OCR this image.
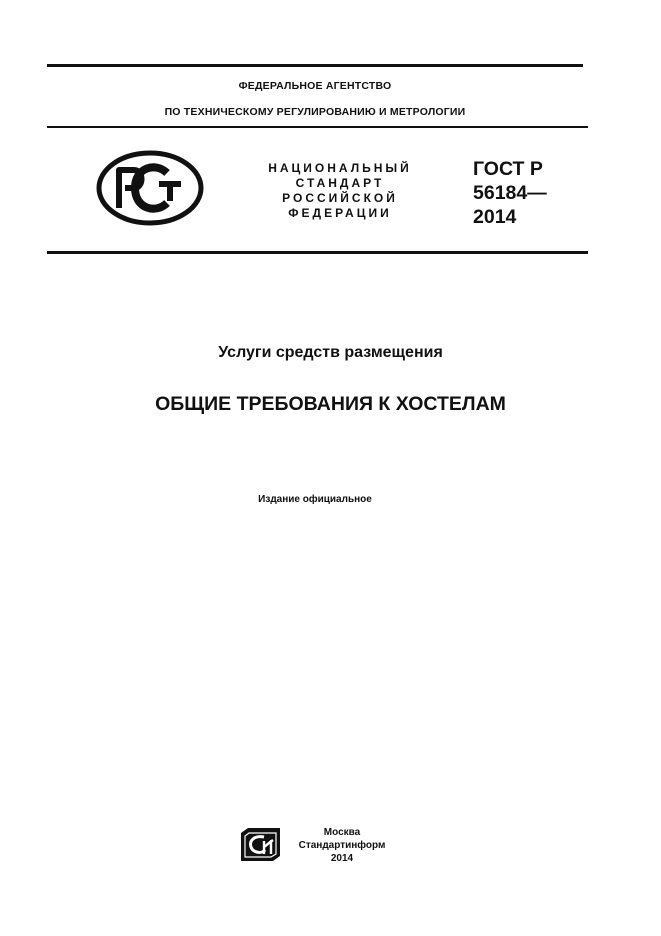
ФЕДЕРАЛЬНОЕ АГЕНТСТВО
ПО ТЕХНИЧЕСКОМУ РЕГУЛИРОВАНИЮ И МЕТРОЛОГИИ
НАЦИОНАЛЬНЫЙ
СТАНДАРТ
РОССИЙСКОЙ
ФЕДЕРАЦИИ
ГОСТ Р
56184—
2014
Услуги средств размещения
ОБЩИЕ ТРЕБОВАНИЯ К ХОСТЕЛАМ
Издание официальное
Москва
Стандартинформ
2014
